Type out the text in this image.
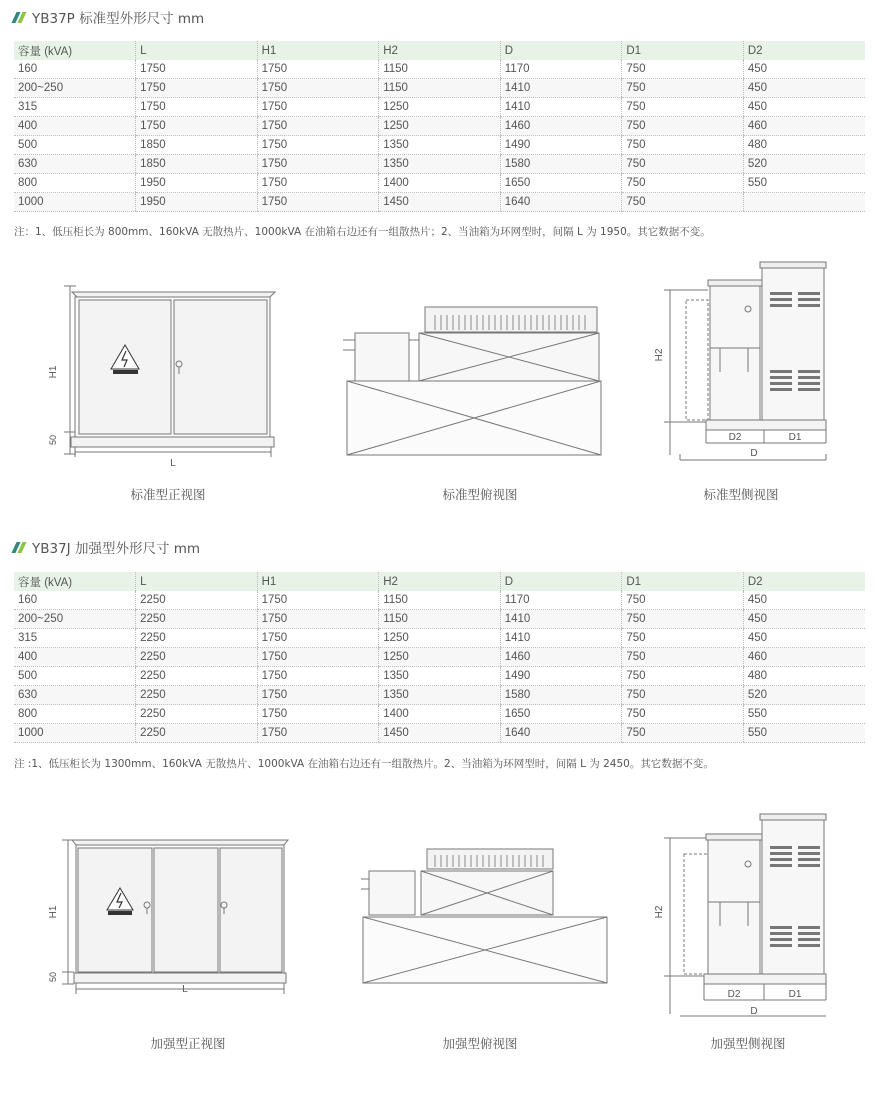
YB37P 标准型外形尺寸 mm
容量 (kVA)	L	H1	H2	D	D1	D2
160	1750	1750	1150	1170	750	450
200~250	1750	1750	1150	1410	750	450
315	1750	1750	1250	1410	750	450
400	1750	1750	1250	1460	750	460
500	1850	1750	1350	1490	750	480
630	1850	1750	1350	1580	750	520
800	1950	1750	1400	1650	750	550
1000	1950	1750	1450	1640	750	
注：1、低压柜长为 800mm、160kVA 无散热片、1000kVA 在油箱右边还有一组散热片；2、当油箱为环网型时，间隔 L 为 1950。其它数据不变。
H1
50
L
标准型正视图	标准型俯视图
H2
D2	D1
D
标准型侧视图
YB37J 加强型外形尺寸 mm
容量 (kVA)	L	H1	H2	D	D1	D2
160	2250	1750	1150	1170	750	450
200~250	2250	1750	1150	1410	750	450
315	2250	1750	1250	1410	750	450
400	2250	1750	1250	1460	750	460
500	2250	1750	1350	1490	750	480
630	2250	1750	1350	1580	750	520
800	2250	1750	1400	1650	750	550
1000	2250	1750	1450	1640	750	550
注 :1、低压柜长为 1300mm、160kVA 无散热片、1000kVA 在油箱右边还有一组散热片。2、当油箱为环网型时，间隔 L 为 2450。其它数据不变。
H1
50
L
加强型正视图	加强型俯视图
H2
D2	D1
D
加强型侧视图
